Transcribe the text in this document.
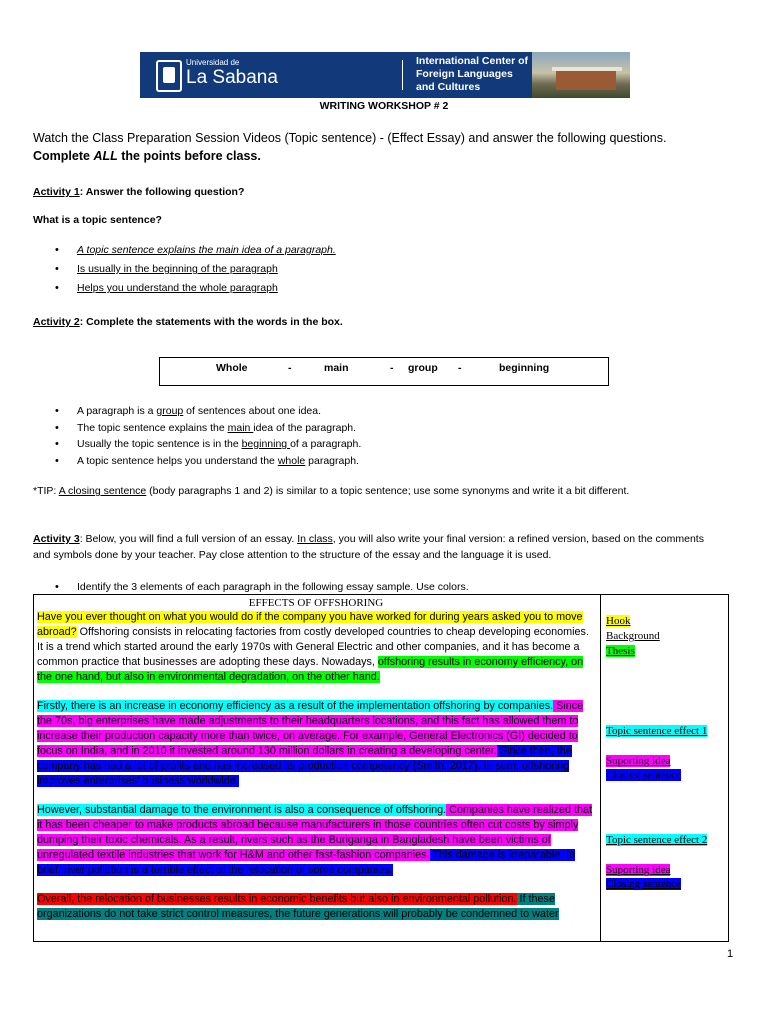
Universidad de
La Sabana
International Center of
Foreign Languages
and Cultures
WRITING WORKSHOP # 2
Watch the Class Preparation Session Videos (Topic sentence) - (Effect Essay) and answer the following questions.
Complete ALL the points before class.
Activity 1: Answer the following question?
What is a topic sentence?
• A topic sentence explains the main idea of a paragraph.
• Is usually in the beginning of the paragraph
• Helps you understand the whole paragraph
Activity 2: Complete the statements with the words in the box.
Whole	-	main	- group -	beginning
• A paragraph is a group of sentences about one idea.
• The topic sentence explains the main idea of the paragraph.
• Usually the topic sentence is in the beginning of a paragraph.
• A topic sentence helps you understand the whole paragraph.
*TIP: A closing sentence (body paragraphs 1 and 2) is similar to a topic sentence; use some synonyms and write it a bit different.
Activity 3: Below, you will find a full version of an essay. In class, you will also write your final version: a refined version, based on the comments and symbols done by your teacher. Pay close attention to the structure of the essay and the language it is used.
• Identify the 3 elements of each paragraph in the following essay sample. Use colors.
EFFECTS OF OFFSHORING

Have you ever thought on what you would do if the company you have worked for during years asked you to move abroad? Offshoring consists in relocating factories from costly developed countries to cheap developing economies. It is a trend which started around the early 1970s with General Electric and other companies, and it has become a common practice that businesses are adopting these days. Nowadays, offshoring results in economy efficiency, on the one hand, but also in environmental degradation, on the other hand.

Firstly, there is an increase in economy efficiency as a result of the implementation offshoring by companies. Since the 70s, big enterprises have made adjustments to their headquarters locations, and this fact has allowed them to increase their production capacity more than twice, on average. For example, General Electronics (GI) decided to focus on India, and in 2010 it invested around 130 million dollars in creating a developing center. Since then, the company has had a lot of profits and has increased its production competency (Smith, 2017). In sum, offshoring improves enterprises' business worldwide.

However, substantial damage to the environment is also a consequence of offshoring. Companies have realized that it has been cheaper to make products abroad because manufacturers in those countries often cut costs by simply dumping their toxic chemicals. As a result, rivers such as the Buriganga in Bangladesh have been victims of unregulated textile industries that work for H&M and other fast-fashion companies. This damage is irreparable. In brief, river pollution is a terrible effect of the relocation of some companies.

Overall, the relocation of businesses results in economic benefits but also in environmental pollution. If these organizations do not take strict control measures, the future generations will probably be condemned to water

Hook
Background
Thesis
Topic sentence effect 1
Suporting idea
Closing sentence
Topic sentence effect 2
Suporting idea
Closing sentence
1
